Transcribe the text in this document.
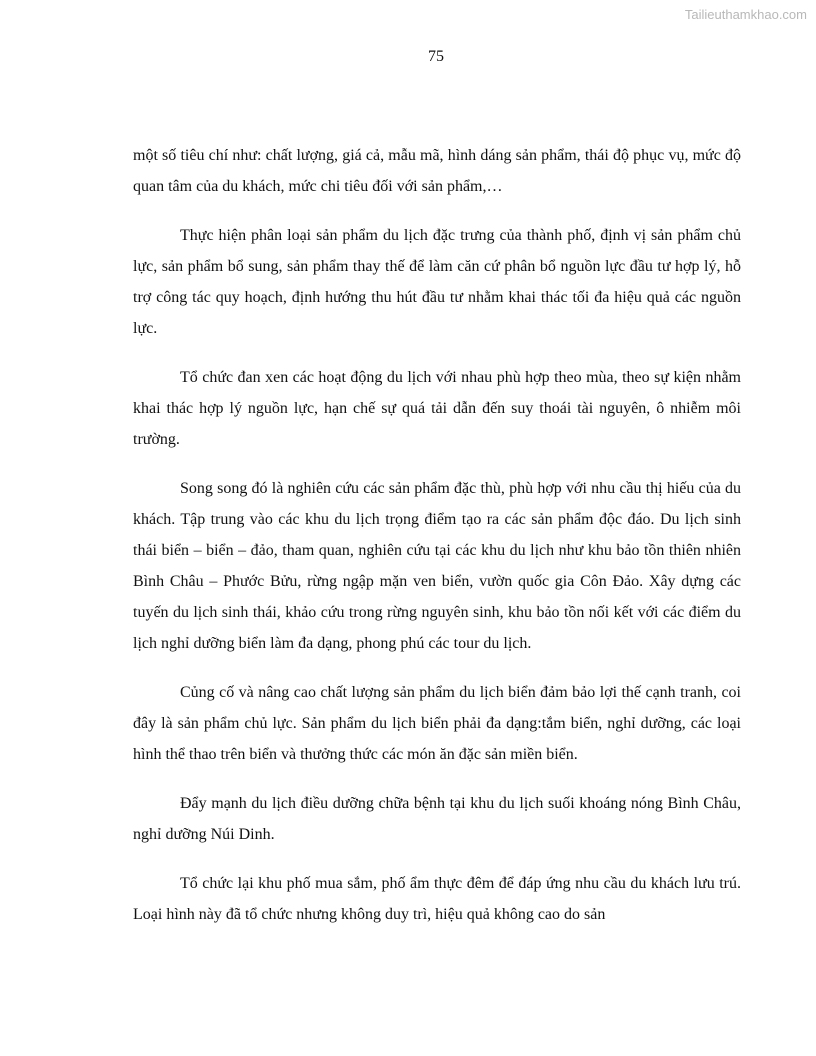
Tailieuthamkhao.com
75

một số tiêu chí như: chất lượng, giá cả, mẫu mã, hình dáng sản phẩm, thái độ phục vụ, mức độ quan tâm của du khách, mức chi tiêu đối với sản phẩm,…

Thực hiện phân loại sản phẩm du lịch đặc trưng của thành phố, định vị sản phẩm chủ lực, sản phẩm bổ sung, sản phẩm thay thế để làm căn cứ phân bổ nguồn lực đầu tư hợp lý, hỗ trợ công tác quy hoạch, định hướng thu hút đầu tư nhằm khai thác tối đa hiệu quả các nguồn lực.

Tổ chức đan xen các hoạt động du lịch với nhau phù hợp theo mùa, theo sự kiện nhằm khai thác hợp lý nguồn lực, hạn chế sự quá tải dẫn đến suy thoái tài nguyên, ô nhiễm môi trường.

Song song đó là nghiên cứu các sản phẩm đặc thù, phù hợp với nhu cầu thị hiếu của du khách. Tập trung vào các khu du lịch trọng điểm tạo ra các sản phẩm độc đáo. Du lịch sinh thái biển – biển – đảo, tham quan, nghiên cứu tại các khu du lịch như khu bảo tồn thiên nhiên Bình Châu – Phước Bửu, rừng ngập mặn ven biển, vườn quốc gia Côn Đảo. Xây dựng các tuyến du lịch sinh thái, khảo cứu trong rừng nguyên sinh, khu bảo tồn nối kết với các điểm du lịch nghỉ dưỡng biển làm đa dạng, phong phú các tour du lịch.

Củng cố và nâng cao chất lượng sản phẩm du lịch biển đảm bảo lợi thế cạnh tranh, coi đây là sản phẩm chủ lực. Sản phẩm du lịch biển phải đa dạng:tắm biển, nghỉ dưỡng, các loại hình thể thao trên biển và thưởng thức các món ăn đặc sản miền biển.

Đẩy mạnh du lịch điều dưỡng chữa bệnh tại khu du lịch suối khoáng nóng Bình Châu, nghỉ dưỡng Núi Dinh.

Tổ chức lại khu phố mua sắm, phố ẩm thực đêm để đáp ứng nhu cầu du khách lưu trú. Loại hình này đã tổ chức nhưng không duy trì, hiệu quả không cao do sản
